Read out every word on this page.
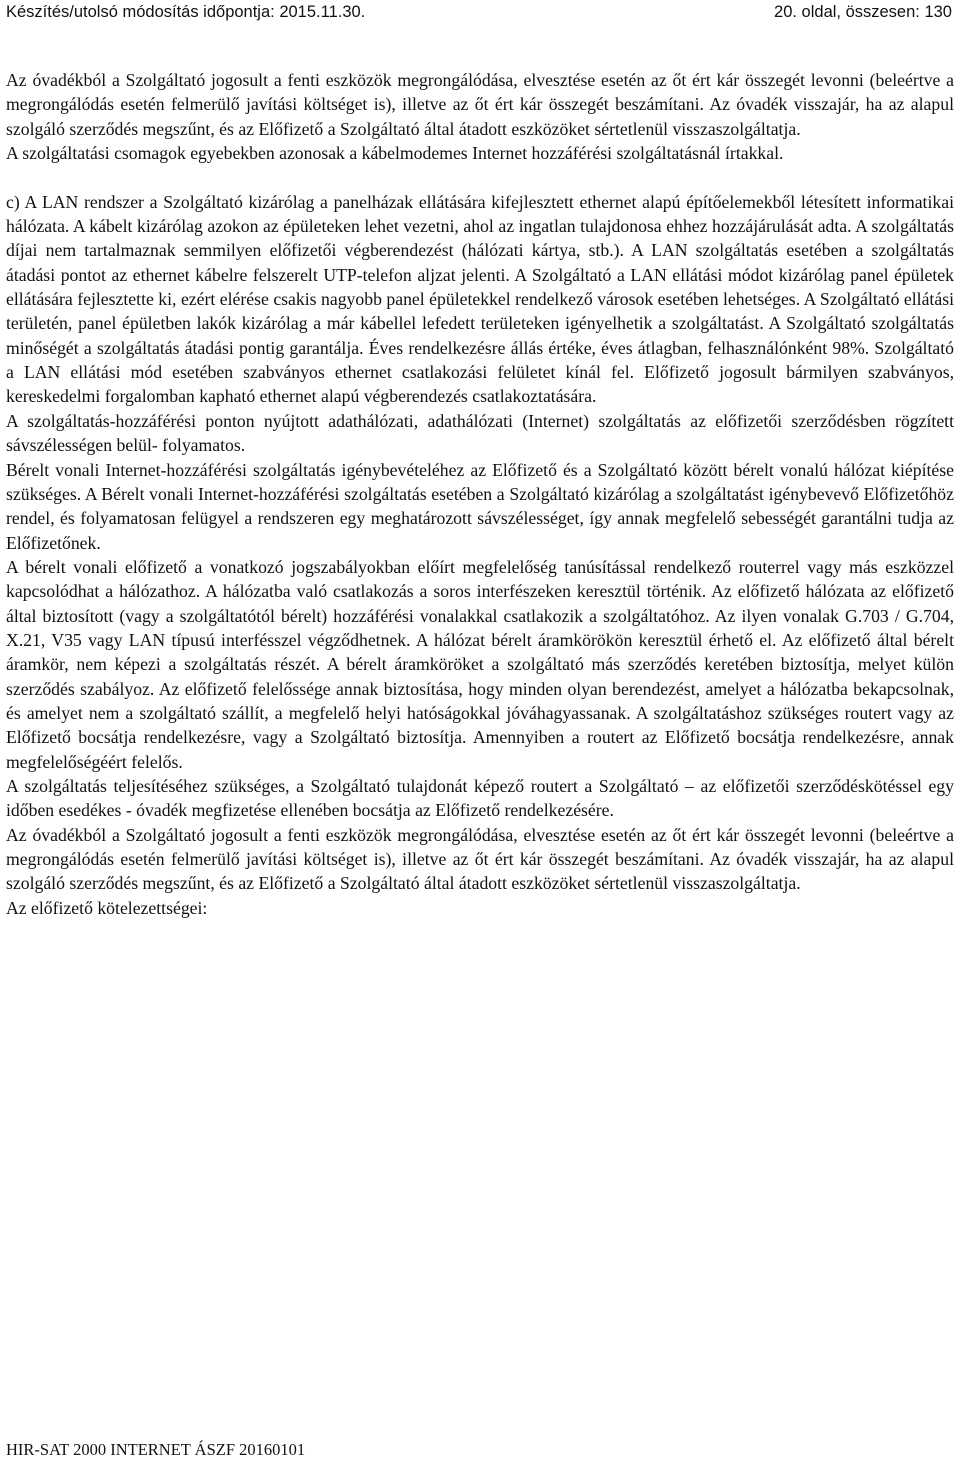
Készítés/utolsó módosítás időpontja: 2015.11.30.	20. oldal, összesen: 130

Az óvadékból a Szolgáltató jogosult a fenti eszközök megrongálódása, elvesztése esetén az őt ért kár összegét levonni (beleértve a megrongálódás esetén felmerülő javítási költséget is), illetve az őt ért kár összegét beszámítani. Az óvadék visszajár, ha az alapul szolgáló szerződés megszűnt, és az Előfizető a Szolgáltató által átadott eszközöket sértetlenül visszaszolgáltatja.

A szolgáltatási csomagok egyebekben azonosak a kábelmodemes Internet hozzáférési szolgáltatásnál írtakkal.

c) A LAN rendszer a Szolgáltató kizárólag a panelházak ellátására kifejlesztett ethernet alapú építőelemekből létesített informatikai hálózata. A kábelt kizárólag azokon az épületeken lehet vezetni, ahol az ingatlan tulajdonosa ehhez hozzájárulását adta. A szolgáltatás díjai nem tartalmaznak semmilyen előfizetői végberendezést (hálózati kártya, stb.). A LAN szolgáltatás esetében a szolgáltatás átadási pontot az ethernet kábelre felszerelt UTP-telefon aljzat jelenti. A Szolgáltató a LAN ellátási módot kizárólag panel épületek ellátására fejlesztette ki, ezért elérése csakis nagyobb panel épületekkel rendelkező városok esetében lehetséges. A Szolgáltató ellátási területén, panel épületben lakók kizárólag a már kábellel lefedett területeken igényelhetik a szolgáltatást. A Szolgáltató szolgáltatás minőségét a szolgáltatás átadási pontig garantálja. Éves rendelkezésre állás értéke, éves átlagban, felhasználónként 98%. Szolgáltató a LAN ellátási mód esetében szabványos ethernet csatlakozási felületet kínál fel. Előfizető jogosult bármilyen szabványos, kereskedelmi forgalomban kapható ethernet alapú végberendezés csatlakoztatására.

A szolgáltatás-hozzáférési ponton nyújtott adathálózati, adathálózati (Internet) szolgáltatás az előfizetői szerződésben rögzített sávszélességen belül- folyamatos.

Bérelt vonali Internet-hozzáférési szolgáltatás igénybevételéhez az Előfizető és a Szolgáltató között bérelt vonalú hálózat kiépítése szükséges. A Bérelt vonali Internet-hozzáférési szolgáltatás esetében a Szolgáltató kizárólag a szolgáltatást igénybevevő Előfizetőhöz rendel, és folyamatosan felügyel a rendszeren egy meghatározott sávszélességet, így annak megfelelő sebességét garantálni tudja az Előfizetőnek.

A bérelt vonali előfizető a vonatkozó jogszabályokban előírt megfelelőség tanúsítással rendelkező routerrel vagy más eszközzel kapcsolódhat a hálózathoz. A hálózatba való csatlakozás a soros interfészeken keresztül történik. Az előfizető hálózata az előfizető által biztosított (vagy a szolgáltatótól bérelt) hozzáférési vonalakkal csatlakozik a szolgáltatóhoz. Az ilyen vonalak G.703 / G.704, X.21, V35 vagy LAN típusú interfésszel végződhetnek. A hálózat bérelt áramkörökön keresztül érhető el. Az előfizető által bérelt áramkör, nem képezi a szolgáltatás részét. A bérelt áramköröket a szolgáltató más szerződés keretében biztosítja, melyet külön szerződés szabályoz. Az előfizető felelőssége annak biztosítása, hogy minden olyan berendezést, amelyet a hálózatba bekapcsolnak, és amelyet nem a szolgáltató szállít, a megfelelő helyi hatóságokkal jóváhagyassanak. A szolgáltatáshoz szükséges routert vagy az Előfizető bocsátja rendelkezésre, vagy a Szolgáltató biztosítja. Amennyiben a routert az Előfizető bocsátja rendelkezésre, annak megfelelőségéért felelős.

A szolgáltatás teljesítéséhez szükséges, a Szolgáltató tulajdonát képező routert a Szolgáltató – az előfizetői szerződéskötéssel egy időben esedékes - óvadék megfizetése ellenében bocsátja az Előfizető rendelkezésére.

Az óvadékból a Szolgáltató jogosult a fenti eszközök megrongálódása, elvesztése esetén az őt ért kár összegét levonni (beleértve a megrongálódás esetén felmerülő javítási költséget is), illetve az őt ért kár összegét beszámítani. Az óvadék visszajár, ha az alapul szolgáló szerződés megszűnt, és az Előfizető a Szolgáltató által átadott eszközöket sértetlenül visszaszolgáltatja.

Az előfizető kötelezettségei:

HIR-SAT 2000 INTERNET ÁSZF 20160101
